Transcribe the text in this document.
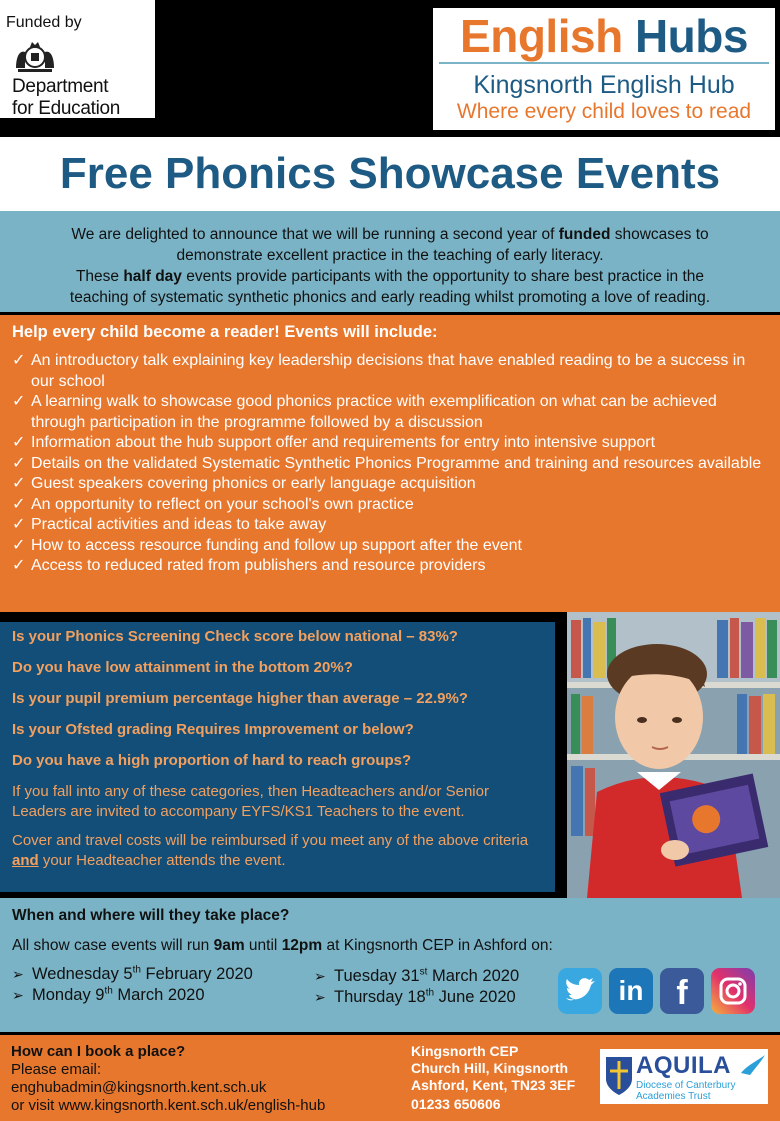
Funded by
Department
for Education
English Hubs
Kingsnorth English Hub
Where every child loves to read
Free Phonics Showcase Events
We are delighted to announce that we will be running a second year of funded showcases to
demonstrate excellent practice in the teaching of early literacy.
These half day events provide participants with the opportunity to share best practice in the
teaching of systematic synthetic phonics and early reading whilst promoting a love of reading.
Help every child become a reader! Events will include:
✓ An introductory talk explaining key leadership decisions that have enabled reading to be a success in our school
✓ A learning walk to showcase good phonics practice with exemplification on what can be achieved through participation in the programme followed by a discussion
✓ Information about the hub support offer and requirements for entry into intensive support
✓ Details on the validated Systematic Synthetic Phonics Programme and training and resources available
✓ Guest speakers covering phonics or early language acquisition
✓ An opportunity to reflect on your school's own practice
✓ Practical activities and ideas to take away
✓ How to access resource funding and follow up support after the event
✓ Access to reduced rated from publishers and resource providers
Is your Phonics Screening Check score below national – 83%?
Do you have low attainment in the bottom 20%?
Is your pupil premium percentage higher than average – 22.9%?
Is your Ofsted grading Requires Improvement or below?
Do you have a high proportion of hard to reach groups?
If you fall into any of these categories, then Headteachers and/or Senior Leaders are invited to accompany EYFS/KS1 Teachers to the event.
Cover and travel costs will be reimbursed if you meet any of the above criteria and your Headteacher attends the event.
When and where will they take place?
All show case events will run 9am until 12pm at Kingsnorth CEP in Ashford on:
➢ Wednesday 5th February 2020
➢ Monday 9th March 2020
➢ Tuesday 31st March 2020
➢ Thursday 18th June 2020	in f
How can I book a place?
Please email:
enghubadmin@kingsnorth.kent.sch.uk
or visit www.kingsnorth.kent.sch.uk/english-hub
Kingsnorth CEP
Church Hill, Kingsnorth
Ashford, Kent, TN23 3EF
01233 650606
AQUILA
Diocese of Canterbury
Academies Trust
